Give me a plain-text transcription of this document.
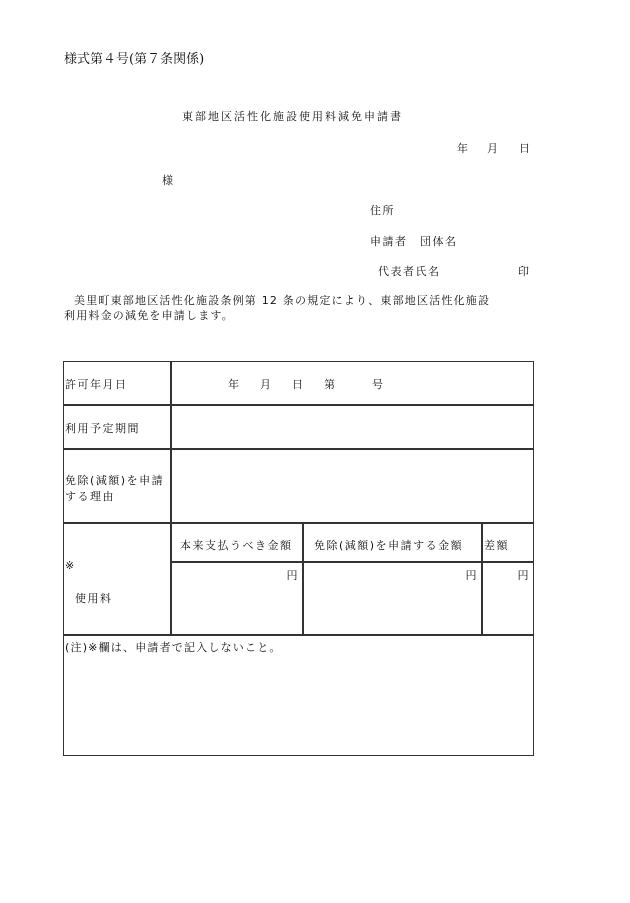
様式第４号(第７条関係)
東部地区活性化施設使用料減免申請書
年 月 日
様
住所
申請者 団体名
代表者氏名	印
美里町東部地区活性化施設条例第 12 条の規定により、東部地区活性化施設
利用料金の減免を申請します。
許可年月日	年 月 日 第	号
利用予定期間
免除(減額)を申請
する理由
※
使用料
本来支払うべき金額 免除(減額)を申請する金額 差額
円	円	円
(注)※欄は、申請者で記入しないこと。
